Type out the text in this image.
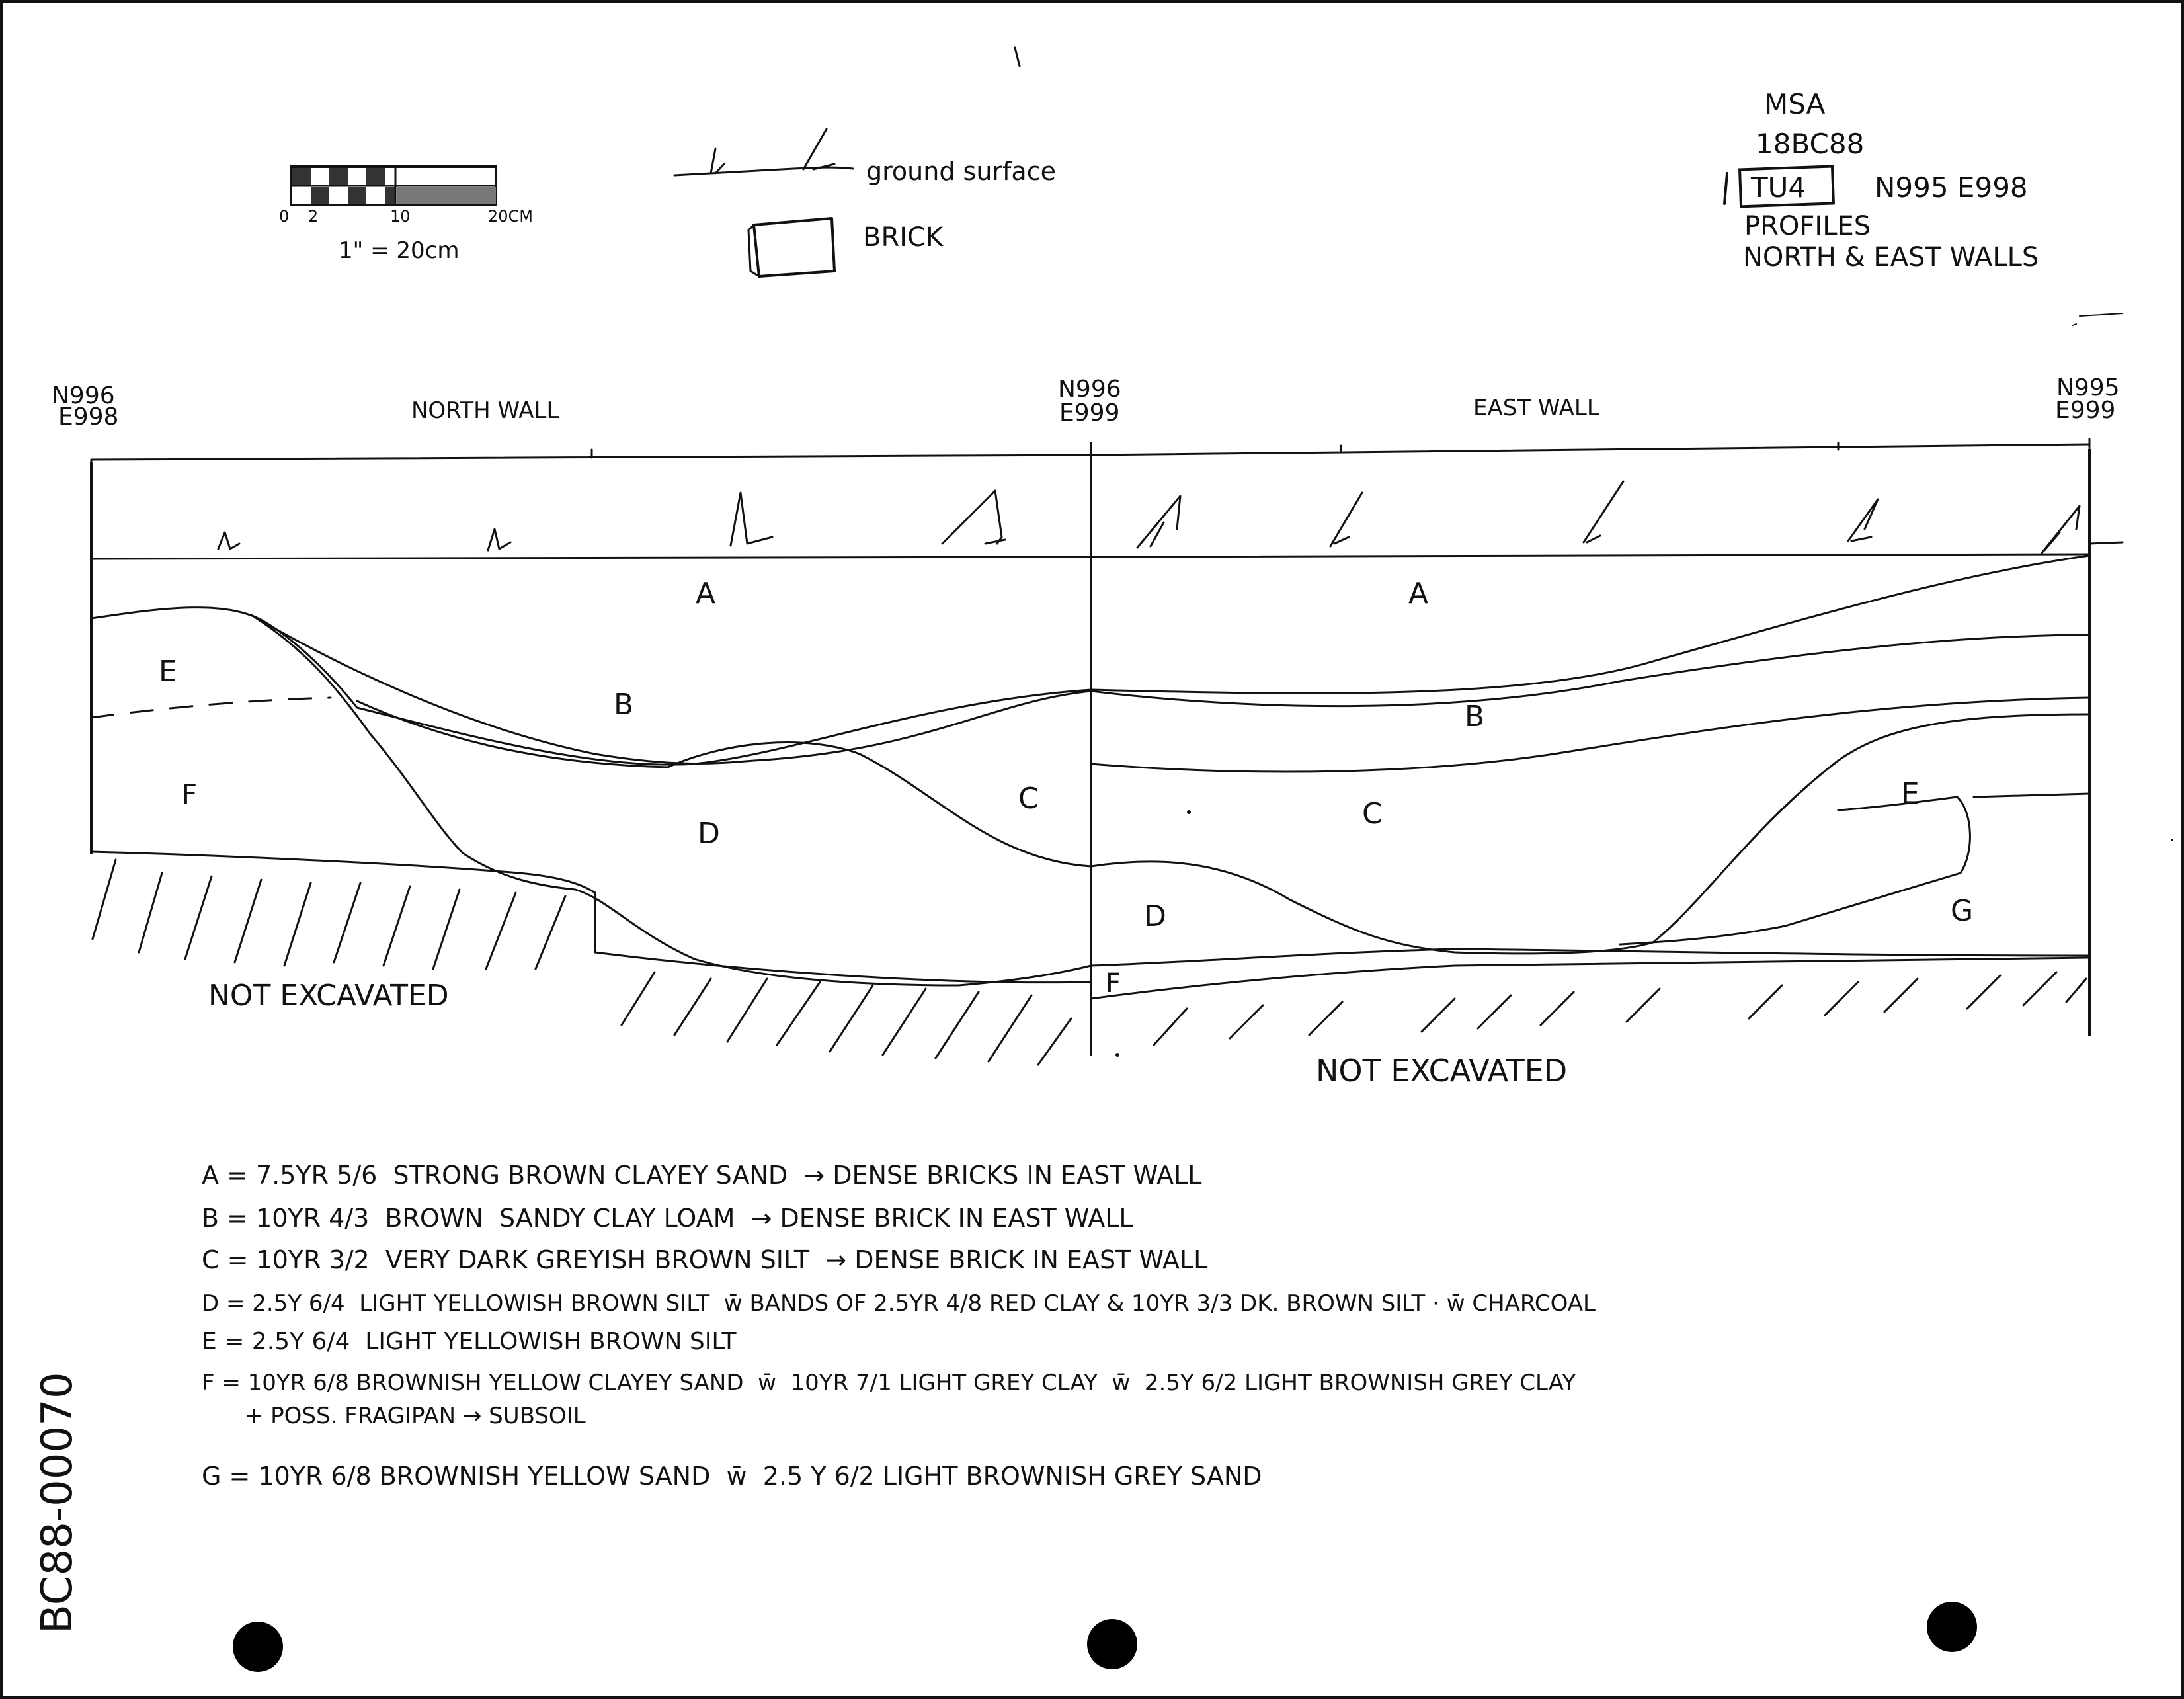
0 2	10	20CM
1" = 20cm
ground surface
BRICK
MSA
18BC88
TU4 N995 E998
PROFILES
NORTH & EAST WALLS
N996
E998
N996
E999
N995
E999
NORTH WALL	EAST WALL
NOT EXCAVATED
NOT EXCAVATED
A	A
B	B
C	C
D
D
E
E
F
F
G
A = 7.5YR 5/6  STRONG BROWN CLAYEY SAND  → DENSE BRICKS IN EAST WALL
B = 10YR 4/3  BROWN  SANDY CLAY LOAM  → DENSE BRICK IN EAST WALL
C = 10YR 3/2  VERY DARK GREYISH BROWN SILT  → DENSE BRICK IN EAST WALL
D = 2.5Y 6/4  LIGHT YELLOWISH BROWN SILT  w̄ BANDS OF 2.5YR 4/8 RED CLAY & 10YR 3/3 DK. BROWN SILT · w̄ CHARCOAL
E = 2.5Y 6/4  LIGHT YELLOWISH BROWN SILT
F = 10YR 6/8 BROWNISH YELLOW CLAYEY SAND  w̄  10YR 7/1 LIGHT GREY CLAY  w̄  2.5Y 6/2 LIGHT BROWNISH GREY CLAY
+ POSS. FRAGIPAN → SUBSOIL
G = 10YR 6/8 BROWNISH YELLOW SAND  w̄  2.5 Y 6/2 LIGHT BROWNISH GREY SAND
BC88-00070
